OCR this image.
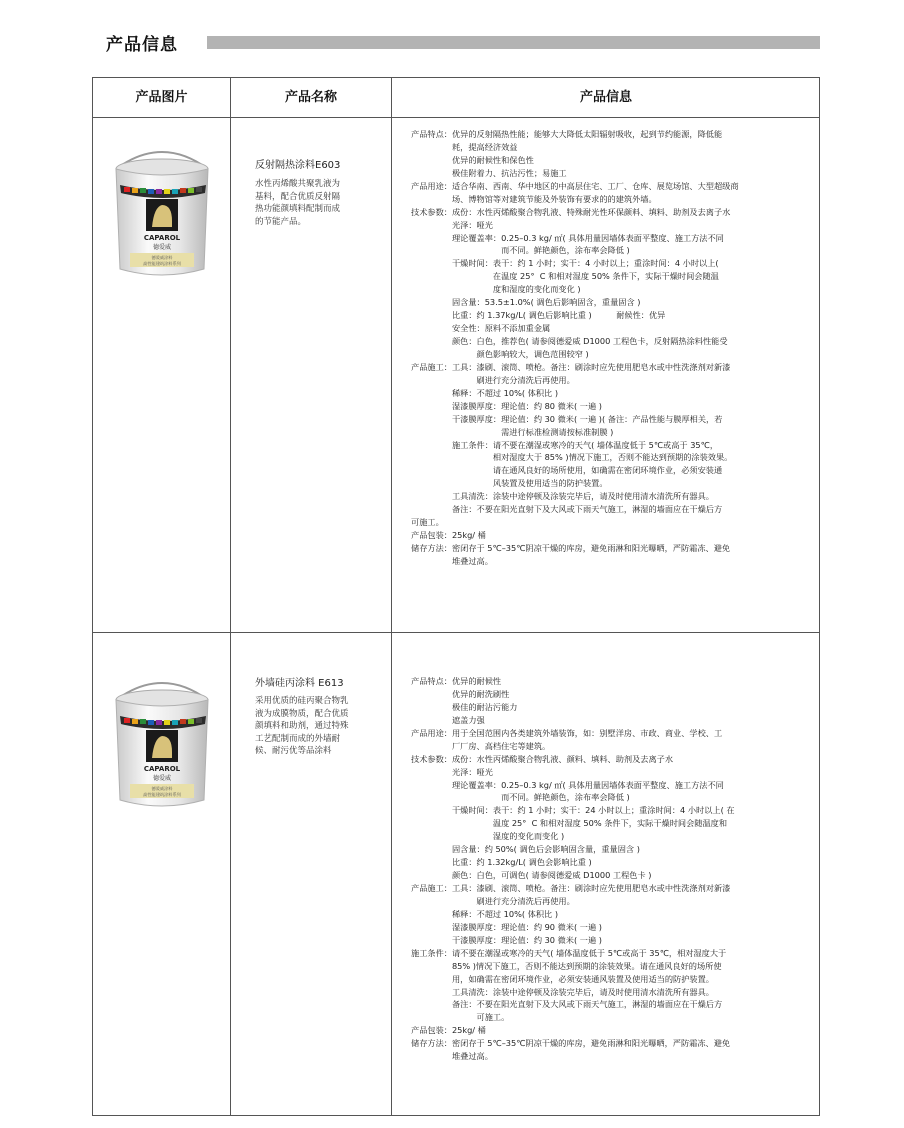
产品信息
产品图片	产品名称	产品信息
CAPAROL
德爱威
德爱威涂料
高性能建筑涂料系列
反射隔热涂料E603
水性丙烯酸共聚乳液为
基料，配合优质反射隔
热功能颜填料配制而成
的节能产品。
产品特点：优异的反射隔热性能；能够大大降低太阳辐射吸收，起到节约能源，降低能
　　　　　耗，提高经济效益
　　　　　优异的耐候性和保色性
　　　　　极佳附着力、抗沾污性；易施工
产品用途：适合华南、西南、华中地区的中高层住宅、工厂、仓库、展览场馆、大型超级商
　　　　　场、博物馆等对建筑节能及外装饰有要求的的建筑外墙。
技术参数：成份：水性丙烯酸聚合物乳液、特殊耐光性环保颜料、填料、助剂及去离子水
　　　　　光泽：哑光
　　　　　理论覆盖率：0.25–0.3 kg/ ㎡( 具体用量因墙体表面平整度、施工方法不同
　　　　　　　　　　　而不同。鲜艳颜色，涂布率会降低 )
　　　　　干燥时间：表干：约 1 小时；实干：4 小时以上；重涂时间：4 小时以上(
　　　　　　　　　　在温度 25°  C 和相对湿度 50% 条件下，实际干燥时间会随温
　　　　　　　　　　度和湿度的变化而变化 )
　　　　　固含量：53.5±1.0%( 调色后影响固含，重量固含 )
　　　　　比重：约 1.37kg/L( 调色后影响比重 )　　　耐候性：优异
　　　　　安全性：原料不添加重金属
　　　　　颜色：白色，推荐色( 请参阅德爱威 D1000 工程色卡，反射隔热涂料性能受
　　　　　　　　颜色影响较大，调色范围较窄 )
产品施工：工具：漆刷、滚筒、喷枪。备注：刷涂时应先使用肥皂水或中性洗涤剂对新漆
　　　　　　　　刷进行充分清洗后再使用。
　　　　　稀释：不超过 10%( 体积比 )
　　　　　湿漆膜厚度：理论值：约 80 微米( 一遍 )
　　　　　干漆膜厚度：理论值：约 30 微米( 一遍 )( 备注：产品性能与膜厚相关，若
　　　　　　　　　　　需进行标准检测请按标准制膜 )
　　　　　施工条件：请不要在潮湿或寒冷的天气( 墙体温度低于 5℃或高于 35℃，
　　　　　　　　　　相对湿度大于 85% )情况下施工，否则不能达到预期的涂装效果。
　　　　　　　　　　请在通风良好的场所使用，如确需在密闭环境作业，必须安装通
　　　　　　　　　　风装置及使用适当的防护装置。
　　　　　工具清洗：涂装中途停顿及涂装完毕后，请及时使用清水清洗所有器具。
　　　　　备注：不要在阳光直射下及大风或下雨天气施工，淋湿的墙面应在干燥后方
可施工。
产品包装：25kg/ 桶
储存方法：密闭存于 5℃–35℃阴凉干燥的库房，避免雨淋和阳光曝晒，严防霜冻、避免
　　　　　堆叠过高。
CAPAROL
德爱威
德爱威涂料
高性能建筑涂料系列
外墙硅丙涂料 E613
采用优质的硅丙聚合物乳
液为成膜物质，配合优质
颜填料和助剂，通过特殊
工艺配制而成的外墙耐
候、耐污优等品涂料
产品特点：优异的耐候性
　　　　　优异的耐洗刷性
　　　　　极佳的耐沾污能力
　　　　　遮盖力强
产品用途：用于全国范围内各类建筑外墙装饰，如：别墅洋房、市政、商业、学校、工
　　　　　厂厂房、高档住宅等建筑。
技术参数：成份：水性丙烯酸聚合物乳液、颜料、填料、助剂及去离子水
　　　　　光泽：哑光
　　　　　理论覆盖率：0.25–0.3 kg/ ㎡( 具体用量因墙体表面平整度、施工方法不同
　　　　　　　　　　　而不同。鲜艳颜色，涂布率会降低 )
　　　　　干燥时间：表干：约 1 小时；实干：24 小时以上；重涂时间：4 小时以上( 在
　　　　　　　　　　温度 25°  C 和相对湿度 50% 条件下，实际干燥时间会随温度和
　　　　　　　　　　湿度的变化而变化 )
　　　　　固含量：约 50%( 调色后会影响固含量，重量固含 )
　　　　　比重：约 1.32kg/L( 调色会影响比重 )
　　　　　颜色：白色，可调色( 请参阅德爱威 D1000 工程色卡 )
产品施工：工具：漆刷、滚筒、喷枪。备注：刷涂时应先使用肥皂水或中性洗涤剂对新漆
　　　　　　　　刷进行充分清洗后再使用。
　　　　　稀释：不超过 10%( 体积比 )
　　　　　湿漆膜厚度：理论值：约 90 微米( 一遍 )
　　　　　干漆膜厚度：理论值：约 30 微米( 一遍 )
施工条件：请不要在潮湿或寒冷的天气( 墙体温度低于 5℃或高于 35℃，相对湿度大于
　　　　　85% )情况下施工，否则不能达到预期的涂装效果。请在通风良好的场所使
　　　　　用，如确需在密闭环境作业，必须安装通风装置及使用适当的防护装置。
　　　　　工具清洗：涂装中途停顿及涂装完毕后，请及时使用清水清洗所有器具。
　　　　　备注：不要在阳光直射下及大风或下雨天气施工，淋湿的墙面应在干燥后方
　　　　　　　　可施工。
产品包装：25kg/ 桶
储存方法：密闭存于 5℃–35℃阴凉干燥的库房，避免雨淋和阳光曝晒，严防霜冻、避免
　　　　　堆叠过高。
